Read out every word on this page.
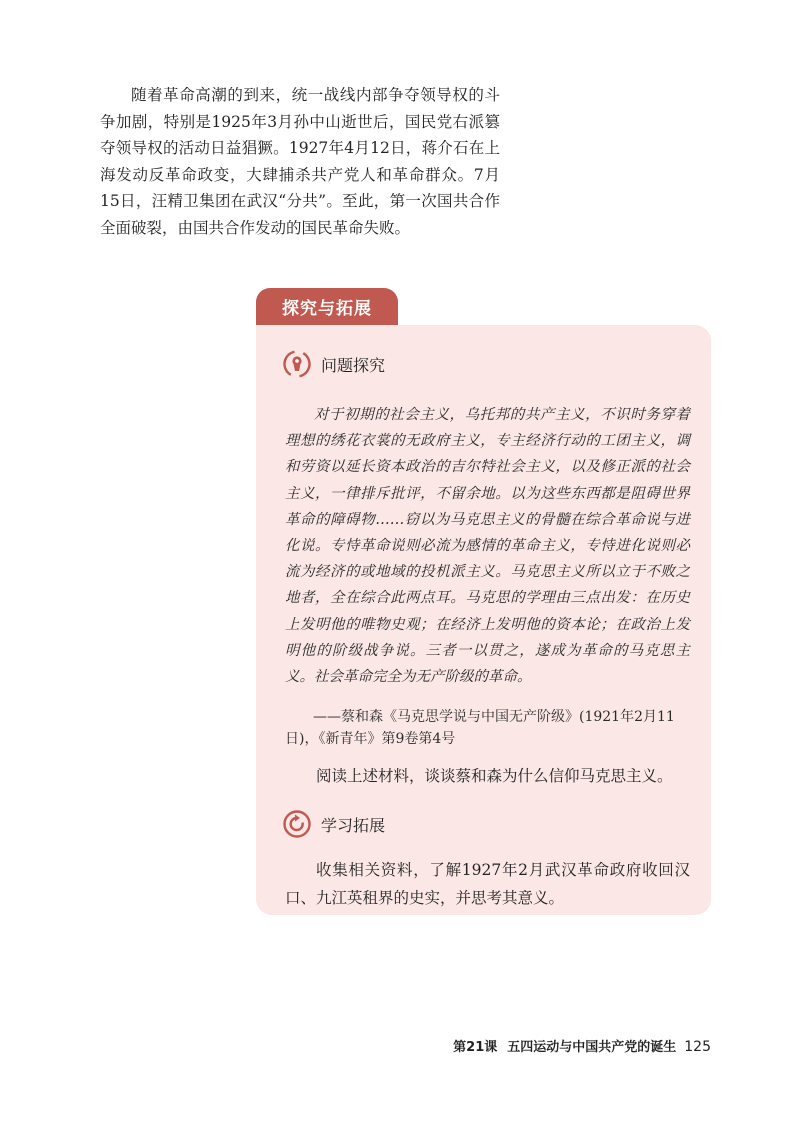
随着革命高潮的到来，统一战线内部争夺领导权的斗争加剧，特别是1925年3月孙中山逝世后，国民党右派篡夺领导权的活动日益猖獗。1927年4月12日，蒋介石在上海发动反革命政变，大肆捕杀共产党人和革命群众。7月15日，汪精卫集团在武汉“分共”。至此，第一次国共合作全面破裂，由国共合作发动的国民革命失败。

探究与拓展
问题探究

对于初期的社会主义，乌托邦的共产主义，不识时务穿着理想的绣花衣裳的无政府主义，专主经济行动的工团主义，调和劳资以延长资本政治的吉尔特社会主义，以及修正派的社会主义，一律排斥批评，不留余地。以为这些东西都是阻碍世界革命的障碍物……窃以为马克思主义的骨髓在综合革命说与进化说。专恃革命说则必流为感情的革命主义，专恃进化说则必流为经济的或地域的投机派主义。马克思主义所以立于不败之地者，全在综合此两点耳。马克思的学理由三点出发：在历史上发明他的唯物史观；在经济上发明他的资本论；在政治上发明他的阶级战争说。三者一以贯之，遂成为革命的马克思主义。社会革命完全为无产阶级的革命。

——蔡和森《马克思学说与中国无产阶级》(1921年2月11日)，《新青年》第9卷第4号

阅读上述材料，谈谈蔡和森为什么信仰马克思主义。

学习拓展

收集相关资料，了解1927年2月武汉革命政府收回汉口、九江英租界的史实，并思考其意义。

第21课 五四运动与中国共产党的诞生 125
